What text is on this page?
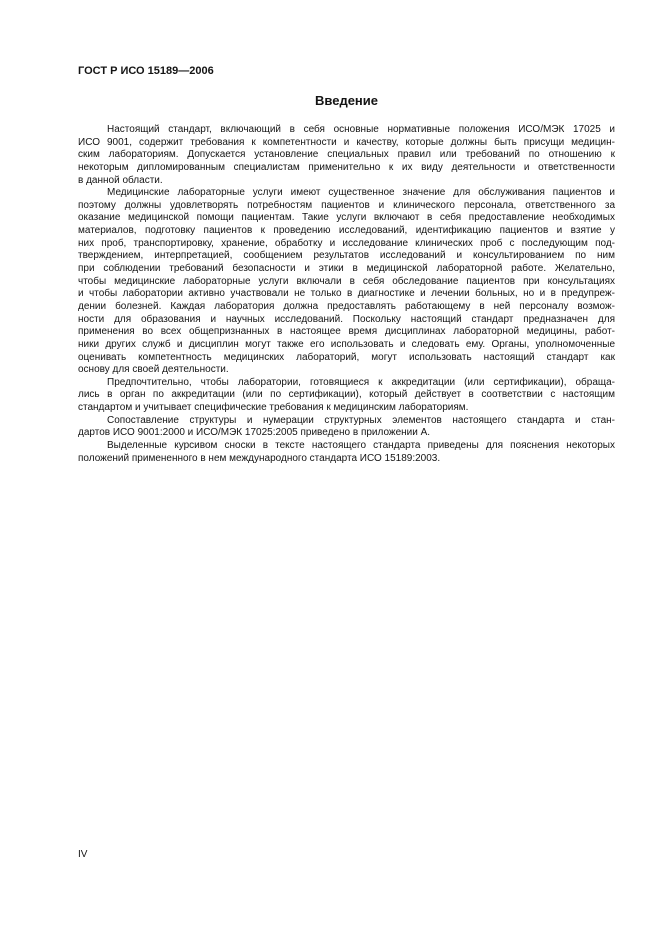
ГОСТ Р ИСО 15189—2006
Введение
Настоящий стандарт, включающий в себя основные нормативные положения ИСО/МЭК 17025 и
ИСО 9001, содержит требования к компетентности и качеству, которые должны быть присущи медицин-
ским лабораториям. Допускается установление специальных правил или требований по отношению к
некоторым дипломированным специалистам применительно к их виду деятельности и ответственности
в данной области.
Медицинские лабораторные услуги имеют существенное значение для обслуживания пациентов и
поэтому должны удовлетворять потребностям пациентов и клинического персонала, ответственного за
оказание медицинской помощи пациентам. Такие услуги включают в себя предоставление необходимых
материалов, подготовку пациентов к проведению исследований, идентификацию пациентов и взятие у
них проб, транспортировку, хранение, обработку и исследование клинических проб с последующим под-
тверждением, интерпретацией, сообщением результатов исследований и консультированием по ним
при соблюдении требований безопасности и этики в медицинской лабораторной работе. Желательно,
чтобы медицинские лабораторные услуги включали в себя обследование пациентов при консультациях
и чтобы лаборатории активно участвовали не только в диагностике и лечении больных, но и в предупреж-
дении болезней. Каждая лаборатория должна предоставлять работающему в ней персоналу возмож-
ности для образования и научных исследований. Поскольку настоящий стандарт предназначен для
применения во всех общепризнанных в настоящее время дисциплинах лабораторной медицины, работ-
ники других служб и дисциплин могут также его использовать и следовать ему. Органы, уполномоченные
оценивать компетентность медицинских лабораторий, могут использовать настоящий стандарт как
основу для своей деятельности.
Предпочтительно, чтобы лаборатории, готовящиеся к аккредитации (или сертификации), обраща-
лись в орган по аккредитации (или по сертификации), который действует в соответствии с настоящим
стандартом и учитывает специфические требования к медицинским лабораториям.
Сопоставление структуры и нумерации структурных элементов настоящего стандарта и стан-
дартов ИСО 9001:2000 и ИСО/МЭК 17025:2005 приведено в приложении А.
Выделенные курсивом сноски в тексте настоящего стандарта приведены для пояснения некоторых
положений примененного в нем международного стандарта ИСО 15189:2003.
IV
